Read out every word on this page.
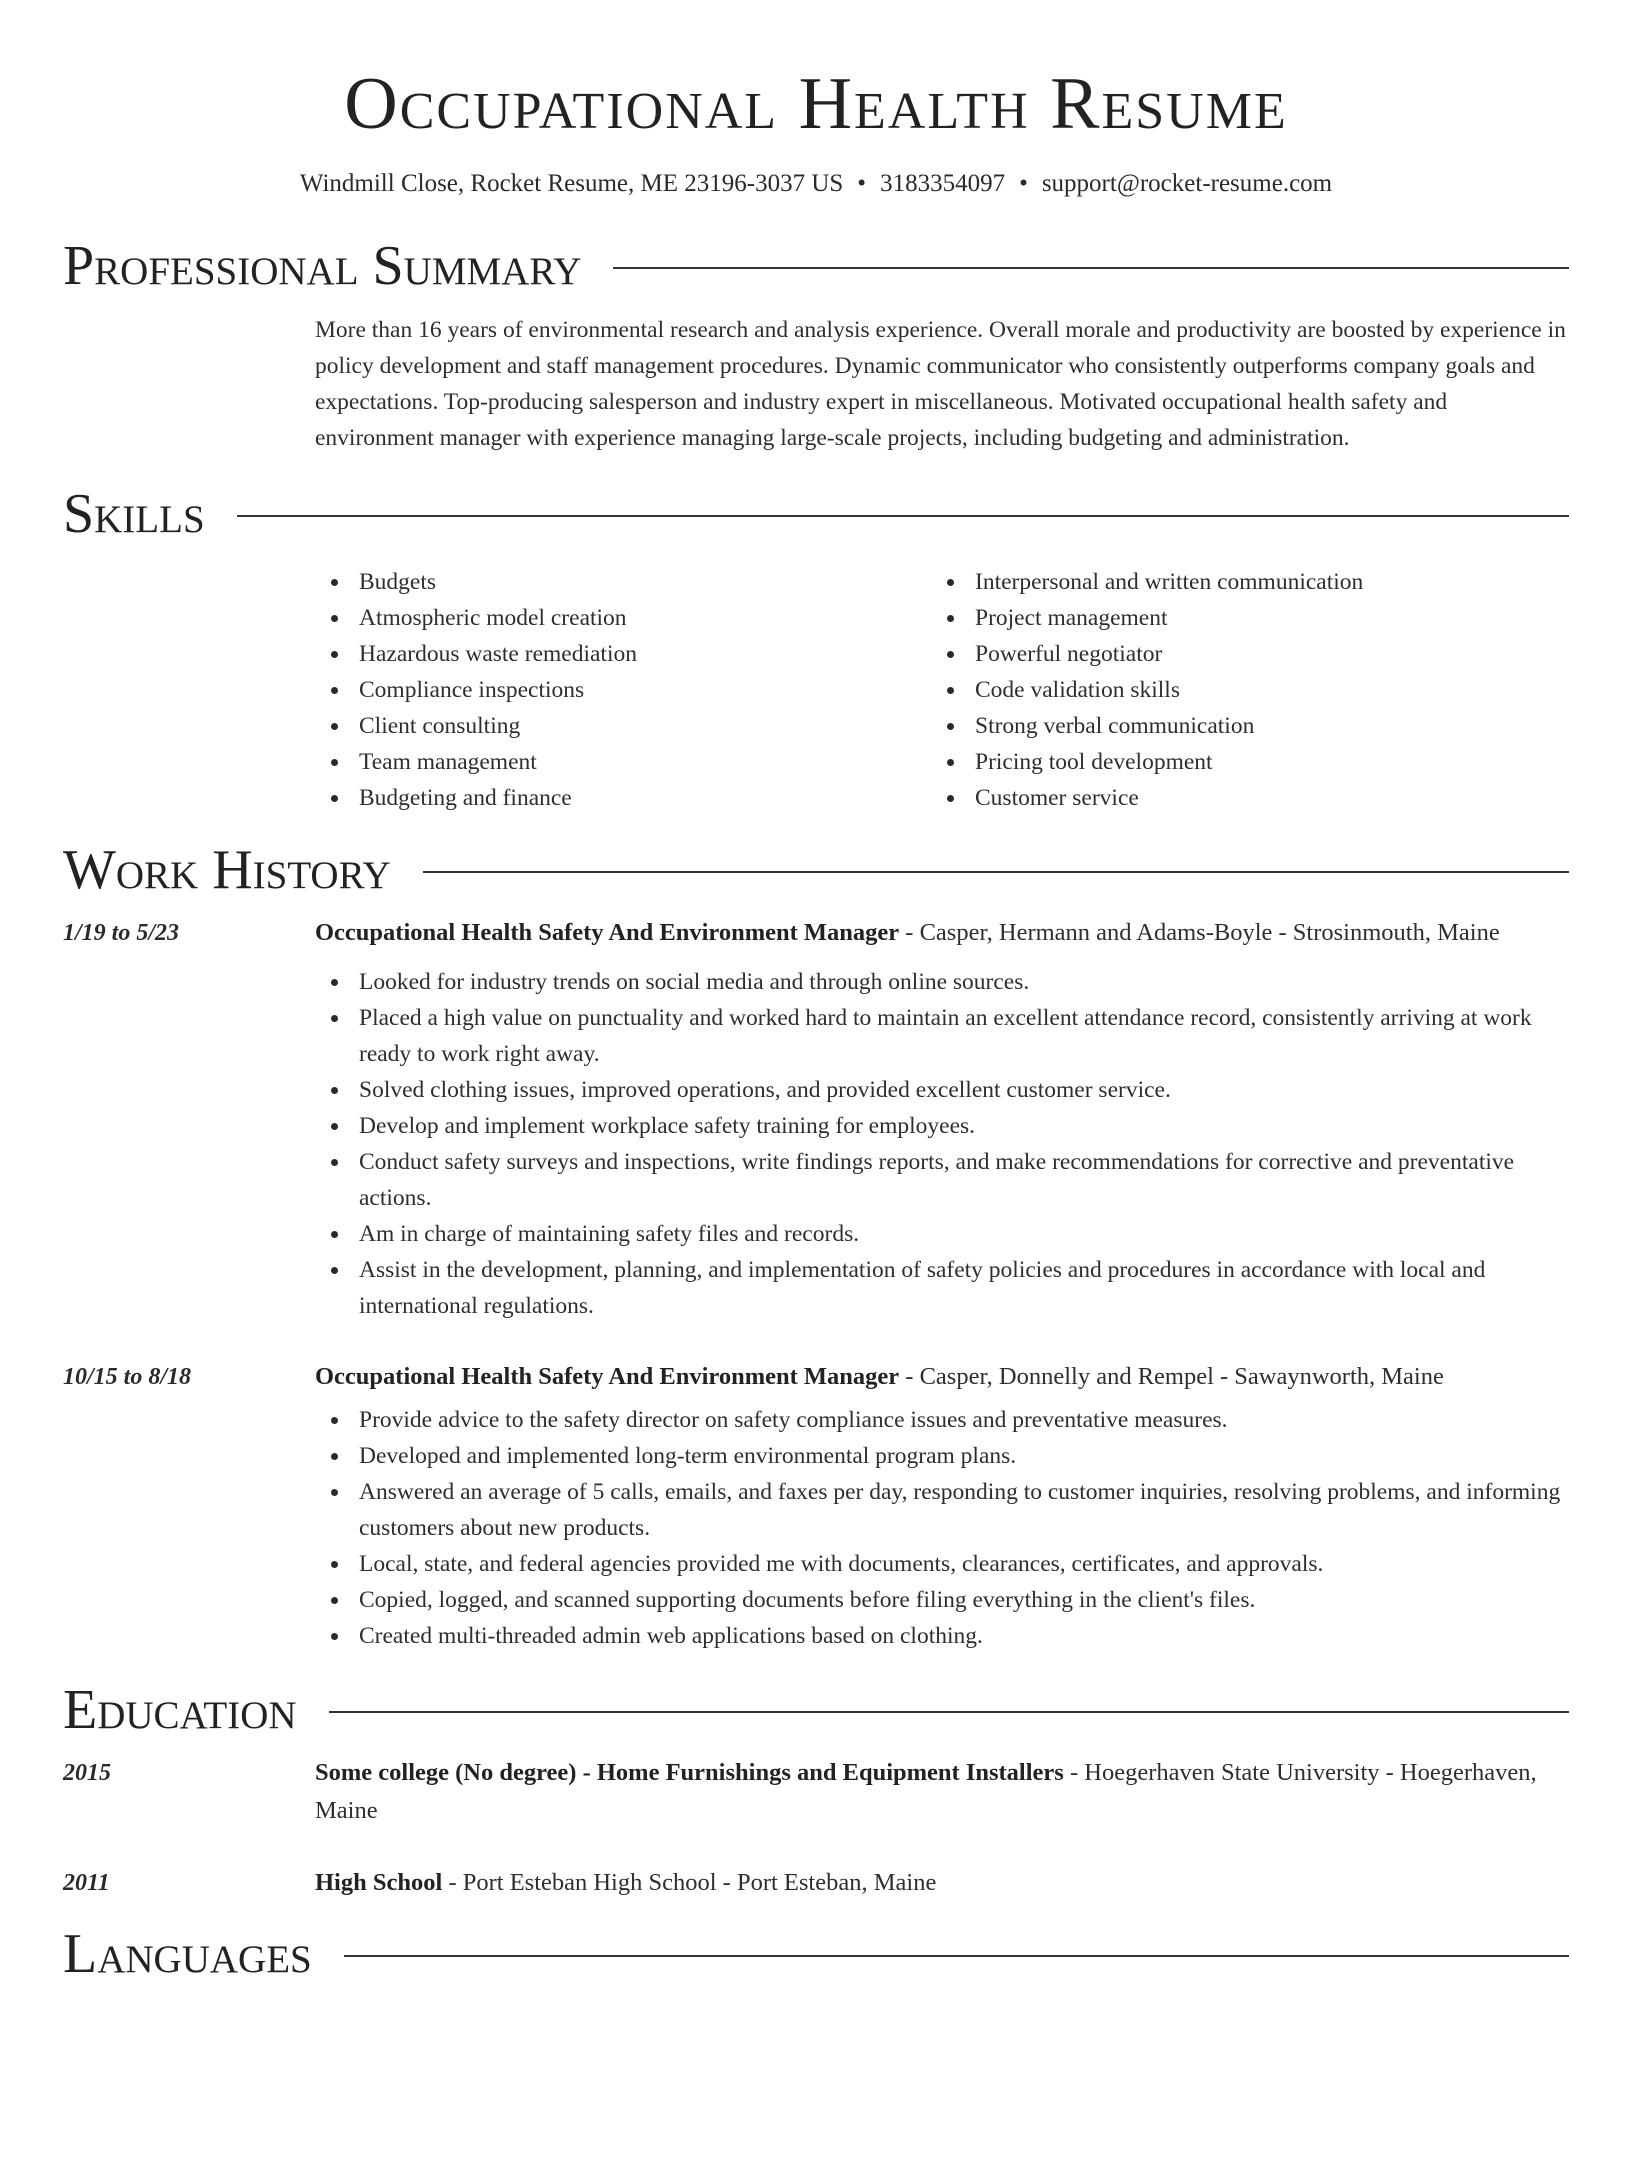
Occupational Health Resume
Windmill Close, Rocket Resume, ME 23196-3037 US • 3183354097 • support@rocket-resume.com
Professional Summary
More than 16 years of environmental research and analysis experience. Overall morale and productivity are boosted by experience in policy development and staff management procedures. Dynamic communicator who consistently outperforms company goals and expectations. Top-producing salesperson and industry expert in miscellaneous. Motivated occupational health safety and environment manager with experience managing large-scale projects, including budgeting and administration.
Skills
Budgets
Atmospheric model creation
Hazardous waste remediation
Compliance inspections
Client consulting
Team management
Budgeting and finance
Interpersonal and written communication
Project management
Powerful negotiator
Code validation skills
Strong verbal communication
Pricing tool development
Customer service
Work History
1/19 to 5/23	Occupational Health Safety And Environment Manager - Casper, Hermann and Adams-Boyle - Strosinmouth, Maine
Looked for industry trends on social media and through online sources.
Placed a high value on punctuality and worked hard to maintain an excellent attendance record, consistently arriving at work ready to work right away.
Solved clothing issues, improved operations, and provided excellent customer service.
Develop and implement workplace safety training for employees.
Conduct safety surveys and inspections, write findings reports, and make recommendations for corrective and preventative actions.
Am in charge of maintaining safety files and records.
Assist in the development, planning, and implementation of safety policies and procedures in accordance with local and international regulations.
10/15 to 8/18	Occupational Health Safety And Environment Manager - Casper, Donnelly and Rempel - Sawaynworth, Maine
Provide advice to the safety director on safety compliance issues and preventative measures.
Developed and implemented long-term environmental program plans.
Answered an average of 5 calls, emails, and faxes per day, responding to customer inquiries, resolving problems, and informing customers about new products.
Local, state, and federal agencies provided me with documents, clearances, certificates, and approvals.
Copied, logged, and scanned supporting documents before filing everything in the client's files.
Created multi-threaded admin web applications based on clothing.
Education
2015	Some college (No degree) - Home Furnishings and Equipment Installers - Hoegerhaven State University - Hoegerhaven, Maine
2011	High School - Port Esteban High School - Port Esteban, Maine
Languages
